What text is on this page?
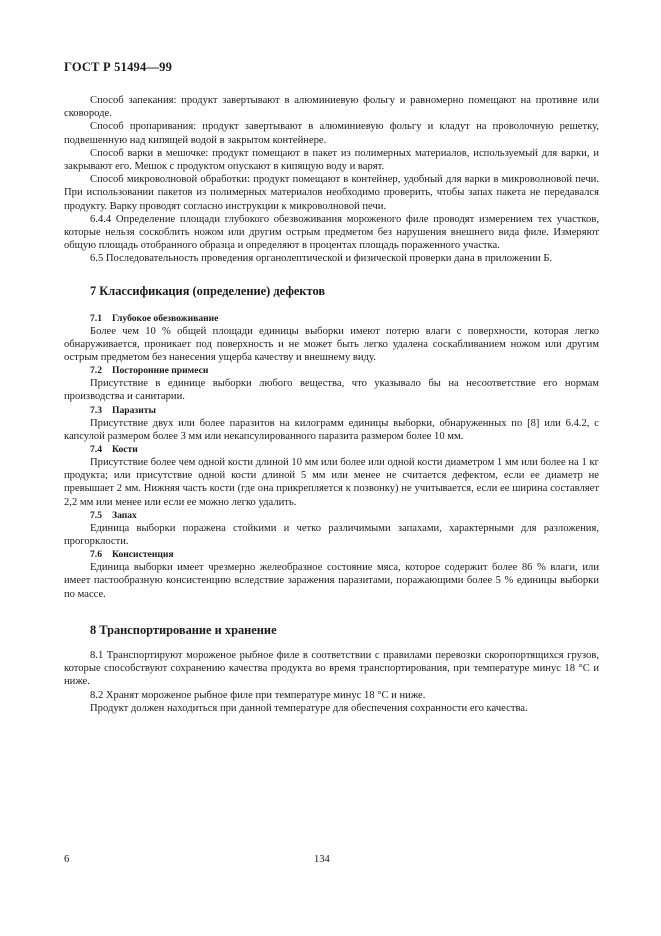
ГОСТ Р 51494—99

Способ запекания: продукт завертывают в алюминиевую фольгу и равномерно помещают на противне или сковороде.

Способ пропаривания: продукт завертывают в алюминиевую фольгу и кладут на проволочную решетку, подвешенную над кипящей водой в закрытом контейнере.

Способ варки в мешочке: продукт помещают в пакет из полимерных материалов, используемый для варки, и закрывают его. Мешок с продуктом опускают в кипящую воду и варят.

Способ микроволновой обработки: продукт помещают в контейнер, удобный для варки в микроволновой печи. При использовании пакетов из полимерных материалов необходимо проверить, чтобы запах пакета не передавался продукту. Варку проводят согласно инструкции к микроволновой печи.

6.4.4 Определение площади глубокого обезвоживания мороженого филе проводят измерением тех участков, которые нельзя соскоблить ножом или другим острым предметом без нарушения внешнего вида филе. Измеряют общую площадь отобранного образца и определяют в процентах площадь пораженного участка.

6.5 Последовательность проведения органолептической и физической проверки дана в приложении Б.

7 Классификация (определение) дефектов
7.1 Глубокое обезвоживание

Более чем 10 % общей площади единицы выборки имеют потерю влаги с поверхности, которая легко обнаруживается, проникает под поверхность и не может быть легко удалена соскабливанием ножом или другим острым предметом без нанесения ущерба качеству и внешнему виду.

7.2 Посторонние примеси

Присутствие в единице выборки любого вещества, что указывало бы на несоответствие его нормам производства и санитарии.

7.3 Паразиты

Присутствие двух или более паразитов на килограмм единицы выборки, обнаруженных по [8] или 6.4.2, с капсулой размером более 3 мм или некапсулированного паразита размером более 10 мм.

7.4 Кости

Присутствие более чем одной кости длиной 10 мм или более или одной кости диаметром 1 мм или более на 1 кг продукта; или присутствие одной кости длиной 5 мм или менее не считается дефектом, если ее диаметр не превышает 2 мм. Нижняя часть кости (где она прикрепляется к позвонку) не учитывается, если ее ширина составляет 2,2 мм или менее или если ее можно легко удалить.

7.5 Запах

Единица выборки поражена стойкими и четко различимыми запахами, характерными для разложения, прогорклости.

7.6 Консистенция

Единица выборки имеет чрезмерно желеобразное состояние мяса, которое содержит более 86 % влаги, или имеет пастообразную консистенцию вследствие заражения паразитами, поражающими более 5 % единицы выборки по массе.

8 Транспортирование и хранение

8.1 Транспортируют мороженое рыбное филе в соответствии с правилами перевозки скоропортящихся грузов, которые способствуют сохранению качества продукта во время транспортирования, при температуре минус 18 °С и ниже.

8.2 Хранят мороженое рыбное филе при температуре минус 18 °С и ниже.

Продукт должен находиться при данной температуре для обеспечения сохранности его качества.

6	134
